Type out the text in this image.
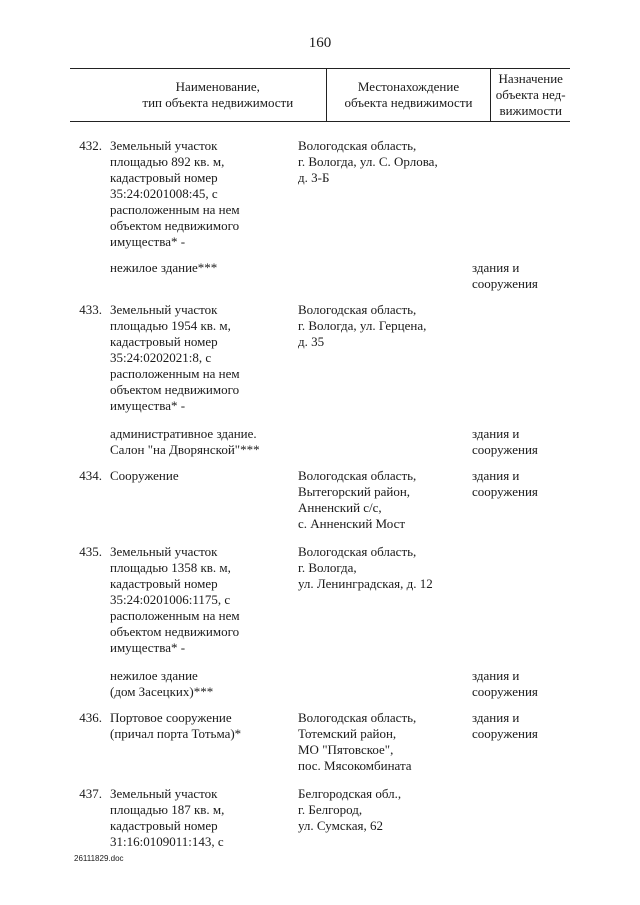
160
Наименование,
тип объекта недвижимости
Местонахождение
объекта недвижимости
Назначение
объекта нед-
вижимости
432. Земельный участок
площадью 892 кв. м,
кадастровый номер
35:24:0201008:45, с
расположенным на нем
объектом недвижимого
имущества* -
Вологодская область,
г. Вологда, ул. С. Орлова,
д. 3-Б
нежилое здание***	здания и
сооружения
433. Земельный участок
площадью 1954 кв. м,
кадастровый номер
35:24:0202021:8, с
расположенным на нем
объектом недвижимого
имущества* -
Вологодская область,
г. Вологда, ул. Герцена,
д. 35
административное здание.
Салон "на Дворянской"***
здания и
сооружения
434. Сооружение	Вологодская область,
Вытегорский район,
Анненский с/с,
с. Анненский Мост
здания и
сооружения
435. Земельный участок
площадью 1358 кв. м,
кадастровый номер
35:24:0201006:1175, с
расположенным на нем
объектом недвижимого
имущества* -
Вологодская область,
г. Вологда,
ул. Ленинградская, д. 12
нежилое здание
(дом Засецких)***
здания и
сооружения
436. Портовое сооружение
(причал порта Тотьма)*
Вологодская область,
Тотемский район,
МО "Пятовское",
пос. Мясокомбината
здания и
сооружения
437. Земельный участок
площадью 187 кв. м,
кадастровый номер
31:16:0109011:143, с
Белгородская обл.,
г. Белгород,
ул. Сумская, 62
26111829.doc
